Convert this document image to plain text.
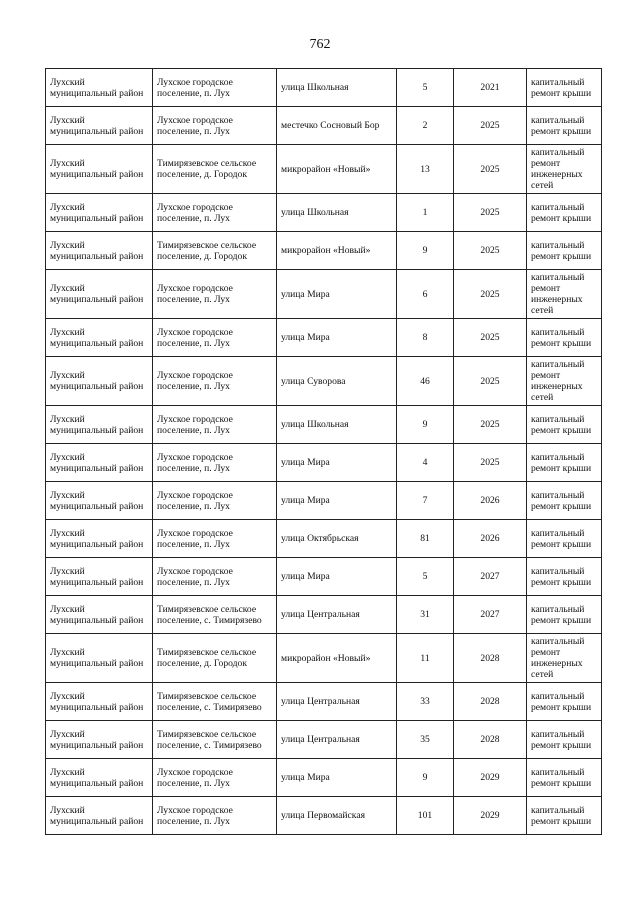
762
Лухский муниципальный район	Лухское городское поселение, п. Лух	улица Школьная	5	2021	капитальный ремонт крыши
Лухский муниципальный район	Лухское городское поселение, п. Лух	местечко Сосновый Бор	2	2025	капитальный ремонт крыши
Лухский муниципальный район	Тимирязевское сельское поселение, д. Городок	микрорайон «Новый»	13	2025	капитальный ремонт инженерных сетей
Лухский муниципальный район	Лухское городское поселение, п. Лух	улица Школьная	1	2025	капитальный ремонт крыши
Лухский муниципальный район	Тимирязевское сельское поселение, д. Городок	микрорайон «Новый»	9	2025	капитальный ремонт крыши
Лухский муниципальный район	Лухское городское поселение, п. Лух	улица Мира	6	2025	капитальный ремонт инженерных сетей
Лухский муниципальный район	Лухское городское поселение, п. Лух	улица Мира	8	2025	капитальный ремонт крыши
Лухский муниципальный район	Лухское городское поселение, п. Лух	улица Суворова	46	2025	капитальный ремонт инженерных сетей
Лухский муниципальный район	Лухское городское поселение, п. Лух	улица Школьная	9	2025	капитальный ремонт крыши
Лухский муниципальный район	Лухское городское поселение, п. Лух	улица Мира	4	2025	капитальный ремонт крыши
Лухский муниципальный район	Лухское городское поселение, п. Лух	улица Мира	7	2026	капитальный ремонт крыши
Лухский муниципальный район	Лухское городское поселение, п. Лух	улица Октябрьская	81	2026	капитальный ремонт крыши
Лухский муниципальный район	Лухское городское поселение, п. Лух	улица Мира	5	2027	капитальный ремонт крыши
Лухский муниципальный район	Тимирязевское сельское поселение, с. Тимирязево	улица Центральная	31	2027	капитальный ремонт крыши
Лухский муниципальный район	Тимирязевское сельское поселение, д. Городок	микрорайон «Новый»	11	2028	капитальный ремонт инженерных сетей
Лухский муниципальный район	Тимирязевское сельское поселение, с. Тимирязево	улица Центральная	33	2028	капитальный ремонт крыши
Лухский муниципальный район	Тимирязевское сельское поселение, с. Тимирязево	улица Центральная	35	2028	капитальный ремонт крыши
Лухский муниципальный район	Лухское городское поселение, п. Лух	улица Мира	9	2029	капитальный ремонт крыши
Лухский муниципальный район	Лухское городское поселение, п. Лух	улица Первомайская	101	2029	капитальный ремонт крыши
